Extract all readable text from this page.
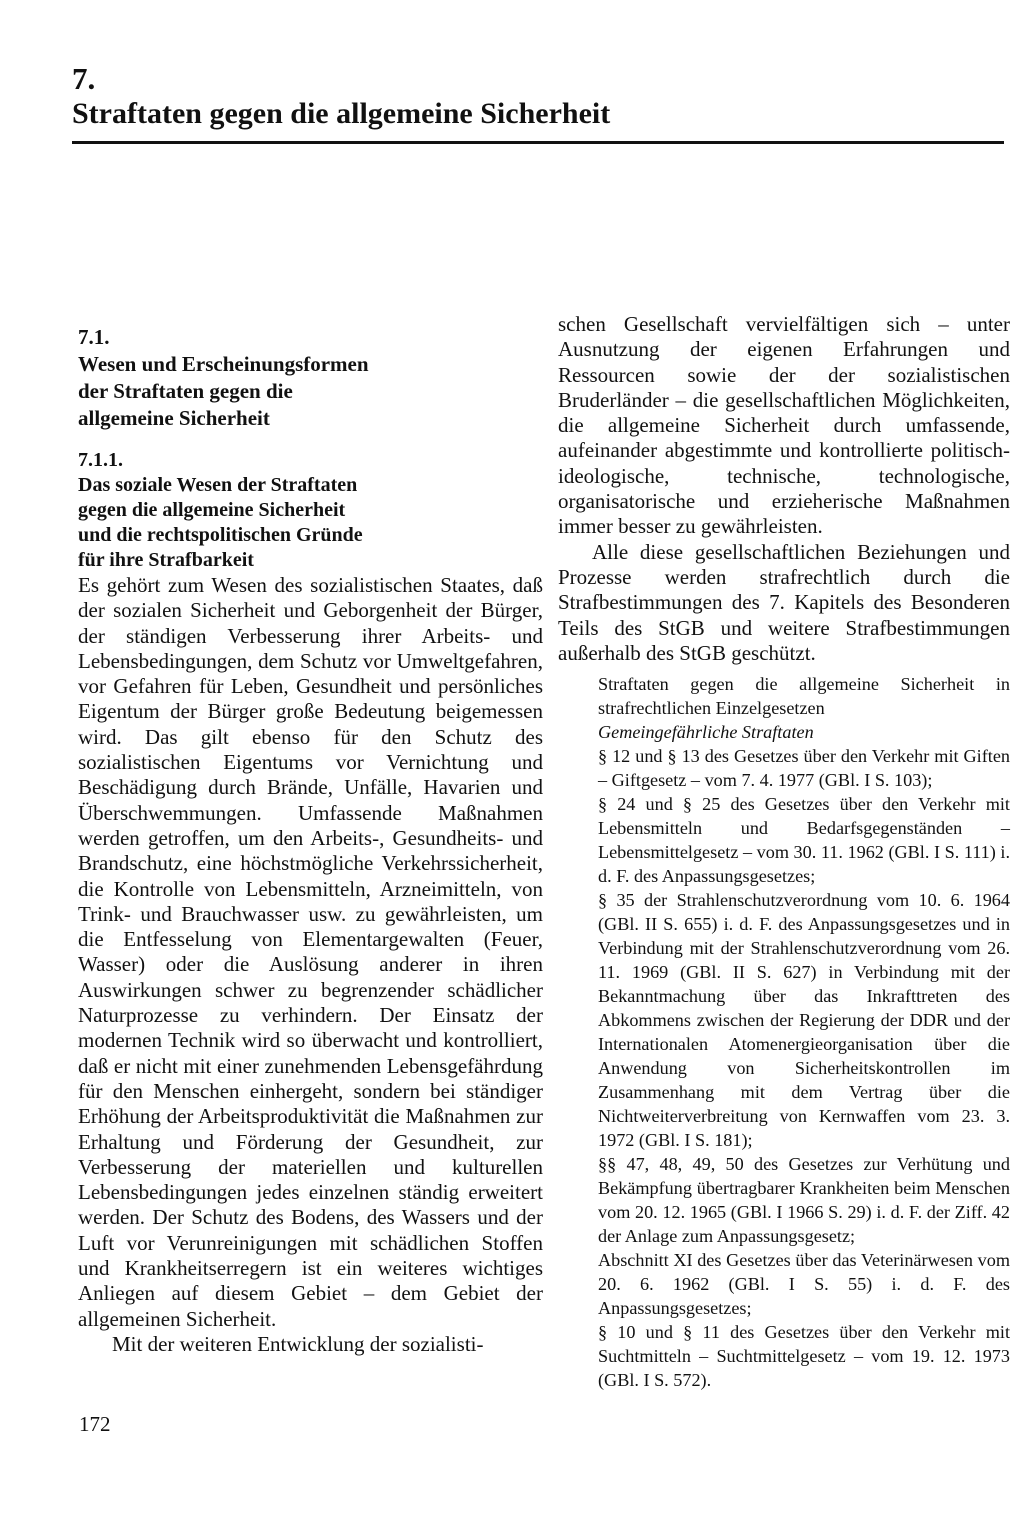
7.
Straftaten gegen die allgemeine Sicherheit
7.1.
Wesen und Erscheinungsformen
der Straftaten gegen die
allgemeine Sicherheit
7.1.1.
Das soziale Wesen der Straftaten
gegen die allgemeine Sicherheit
und die rechtspolitischen Gründe
für ihre Strafbarkeit

Es gehört zum Wesen des sozialistischen Staates, daß der sozialen Sicherheit und Geborgenheit der Bürger, der ständigen Verbesserung ihrer Arbeits- und Lebensbedingungen, dem Schutz vor Umweltgefahren, vor Gefahren für Leben, Gesundheit und persönliches Eigentum der Bürger große Bedeutung beigemessen wird. Das gilt ebenso für den Schutz des sozialistischen Eigentums vor Vernichtung und Beschädigung durch Brände, Unfälle, Havarien und Überschwemmungen. Umfassende Maßnahmen werden getroffen, um den Arbeits-, Gesundheits- und Brandschutz, eine höchstmögliche Verkehrssicherheit, die Kontrolle von Lebensmitteln, Arzneimitteln, von Trink- und Brauchwasser usw. zu gewährleisten, um die Entfesselung von Elementargewalten (Feuer, Wasser) oder die Auslösung anderer in ihren Auswirkungen schwer zu begrenzender schädlicher Naturprozesse zu verhindern. Der Einsatz der modernen Technik wird so überwacht und kontrolliert, daß er nicht mit einer zunehmenden Lebensgefährdung für den Menschen einhergeht, sondern bei ständiger Erhöhung der Arbeitsproduktivität die Maßnahmen zur Erhaltung und Förderung der Gesundheit, zur Verbesserung der materiellen und kulturellen Lebensbedingungen jedes einzelnen ständig erweitert werden. Der Schutz des Bodens, des Wassers und der Luft vor Verunreinigungen mit schädlichen Stoffen und Krankheitserregern ist ein weiteres wichtiges Anliegen auf diesem Gebiet – dem Gebiet der allgemeinen Sicherheit.

Mit der weiteren Entwicklung der sozialisti-

schen Gesellschaft vervielfältigen sich – unter Ausnutzung der eigenen Erfahrungen und Ressourcen sowie der der sozialistischen Bruderländer – die gesellschaftlichen Möglichkeiten, die allgemeine Sicherheit durch umfassende, aufeinander abgestimmte und kontrollierte politisch-ideologische, technische, technologische, organisatorische und erzieherische Maßnahmen immer besser zu gewährleisten.

Alle diese gesellschaftlichen Beziehungen und Prozesse werden strafrechtlich durch die Strafbestimmungen des 7. Kapitels des Besonderen Teils des StGB und weitere Strafbestimmungen außerhalb des StGB geschützt.

Straftaten gegen die allgemeine Sicherheit in strafrechtlichen Einzelgesetzen

Gemeingefährliche Straftaten

§ 12 und § 13 des Gesetzes über den Verkehr mit Giften – Giftgesetz – vom 7. 4. 1977 (GBl. I S. 103);

§ 24 und § 25 des Gesetzes über den Verkehr mit Lebensmitteln und Bedarfsgegenständen – Lebensmittelgesetz – vom 30. 11. 1962 (GBl. I S. 111) i. d. F. des Anpassungsgesetzes;

§ 35 der Strahlenschutzverordnung vom 10. 6. 1964 (GBl. II S. 655) i. d. F. des Anpassungsgesetzes und in Verbindung mit der Strahlenschutzverordnung vom 26. 11. 1969 (GBl. II S. 627) in Verbindung mit der Bekanntmachung über das Inkrafttreten des Abkommens zwischen der Regierung der DDR und der Internationalen Atomenergieorganisation über die Anwendung von Sicherheitskontrollen im Zusammenhang mit dem Vertrag über die Nichtweiterverbreitung von Kernwaffen vom 23. 3. 1972 (GBl. I S. 181);

§§ 47, 48, 49, 50 des Gesetzes zur Verhütung und Bekämpfung übertragbarer Krankheiten beim Menschen vom 20. 12. 1965 (GBl. I 1966 S. 29) i. d. F. der Ziff. 42 der Anlage zum Anpassungsgesetz;

Abschnitt XI des Gesetzes über das Veterinärwesen vom 20. 6. 1962 (GBl. I S. 55) i. d. F. des Anpassungsgesetzes;

§ 10 und § 11 des Gesetzes über den Verkehr mit Suchtmitteln – Suchtmittelgesetz – vom 19. 12. 1973 (GBl. I S. 572).

172
